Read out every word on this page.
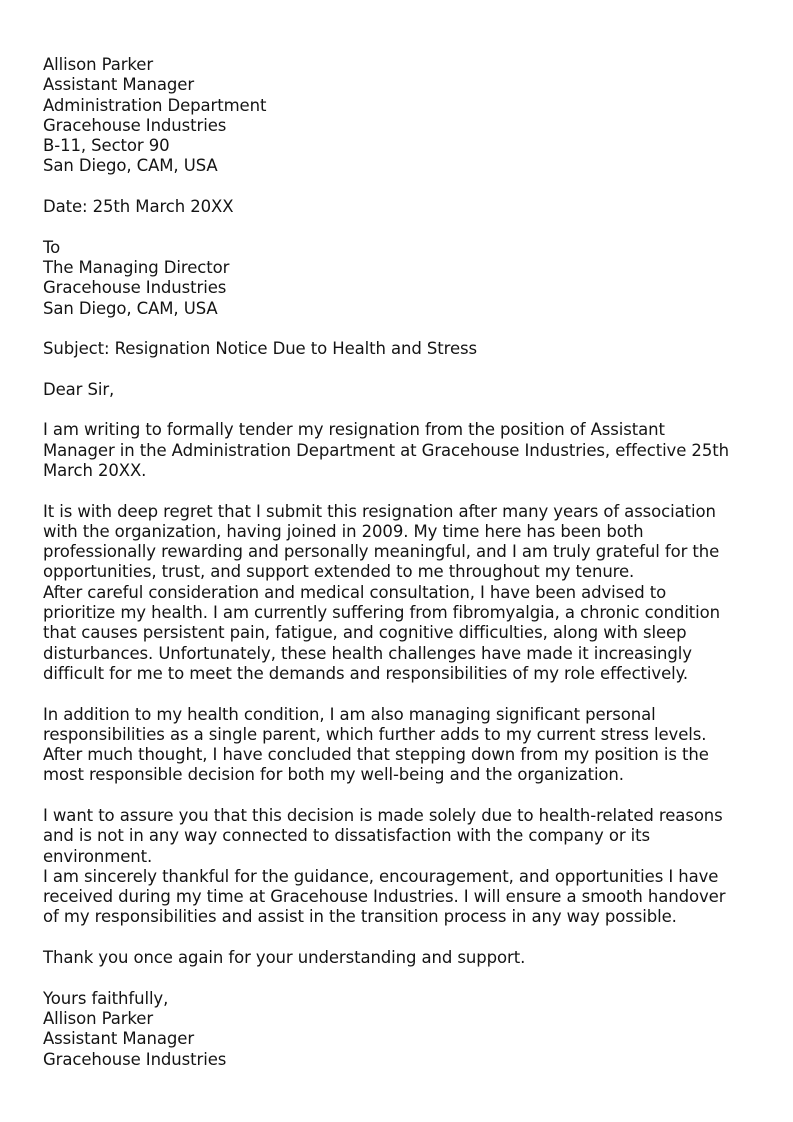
Allison Parker
Assistant Manager
Administration Department
Gracehouse Industries
B-11, Sector 90
San Diego, CAM, USA
Date: 25th March 20XX
To
The Managing Director
Gracehouse Industries
San Diego, CAM, USA
Subject: Resignation Notice Due to Health and Stress
Dear Sir,
I am writing to formally tender my resignation from the position of Assistant
Manager in the Administration Department at Gracehouse Industries, effective 25th
March 20XX.
It is with deep regret that I submit this resignation after many years of association
with the organization, having joined in 2009. My time here has been both
professionally rewarding and personally meaningful, and I am truly grateful for the
opportunities, trust, and support extended to me throughout my tenure.
After careful consideration and medical consultation, I have been advised to
prioritize my health. I am currently suffering from fibromyalgia, a chronic condition
that causes persistent pain, fatigue, and cognitive difficulties, along with sleep
disturbances. Unfortunately, these health challenges have made it increasingly
difficult for me to meet the demands and responsibilities of my role effectively.
In addition to my health condition, I am also managing significant personal
responsibilities as a single parent, which further adds to my current stress levels.
After much thought, I have concluded that stepping down from my position is the
most responsible decision for both my well-being and the organization.
I want to assure you that this decision is made solely due to health-related reasons
and is not in any way connected to dissatisfaction with the company or its
environment.
I am sincerely thankful for the guidance, encouragement, and opportunities I have
received during my time at Gracehouse Industries. I will ensure a smooth handover
of my responsibilities and assist in the transition process in any way possible.
Thank you once again for your understanding and support.
Yours faithfully,
Allison Parker
Assistant Manager
Gracehouse Industries
